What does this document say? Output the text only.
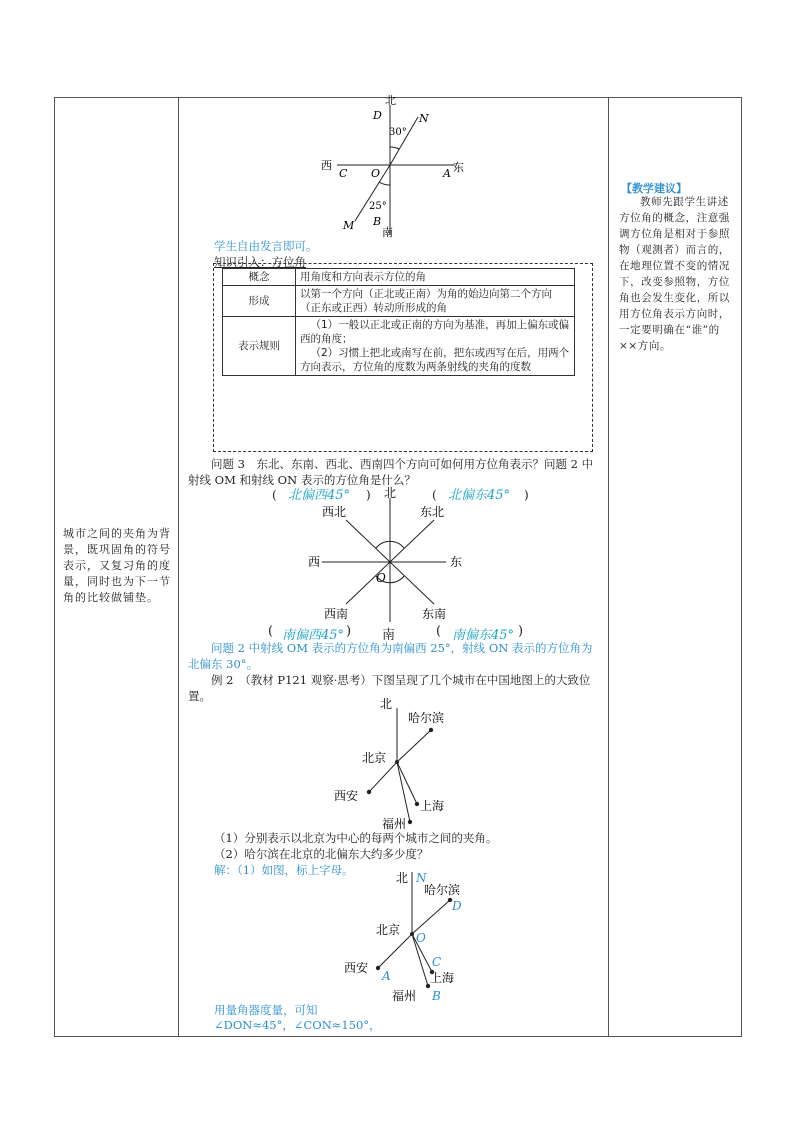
城市之间的夹角为背景，既巩固角的符号表示，又复习角的度量，同时也为下一节角的比较做铺垫。
【教学建议】
教师先跟学生讲述方位角的概念，注意强调方位角是相对于参照物（观测者）而言的，在地理位置不变的情况下，改变参照物，方位角也会发生变化，所以用方位角表示方向时，一定要明确在“谁”的××方向。
北
D	N
30°
西
C O	A 东
25°
M B
南
学生自由发言即可。
知识引入：方位角
概念	用角度和方向表示方位的角
形成	以第一个方向（正北或正南）为角的始边向第二个方向（正东或正西）转动所形成的角
表示规则	（1）一般以正北或正南的方向为基准，再加上偏东或偏西的角度；
（2）习惯上把北或南写在前，把东或西写在后，用两个方向表示，方位角的度数为两条射线的夹角的度数
问题 3　东北、东南、西北、西南四个方向可如何用方位角表示？问题 2 中射线 OM 和射线 ON 表示的方位角是什么？
( 北偏西45° ) 北	( 北偏东45° )
西北	东北
西	东
O
西南	东南
( 南偏西45° ) 南	( 南偏东45° )
问题 2 中射线 OM 表示的方位角为南偏西 25°，射线 ON 表示的方位角为北偏东 30°。
例 2　（教材 P121 观察·思考）下图呈现了几个城市在中国地图上的大致位置。
北
哈尔滨
北京
西安
上海
福州
（1）分别表示以北京为中心的每两个城市之间的夹角。
（2）哈尔滨在北京的北偏东大约多少度？
解：（1）如图，标上字母。
北 N
哈尔滨
D
北京
O
西安
A
C
上海
福州 B
用量角器度量，可知
∠DON≈45°，∠CON≈150°，
